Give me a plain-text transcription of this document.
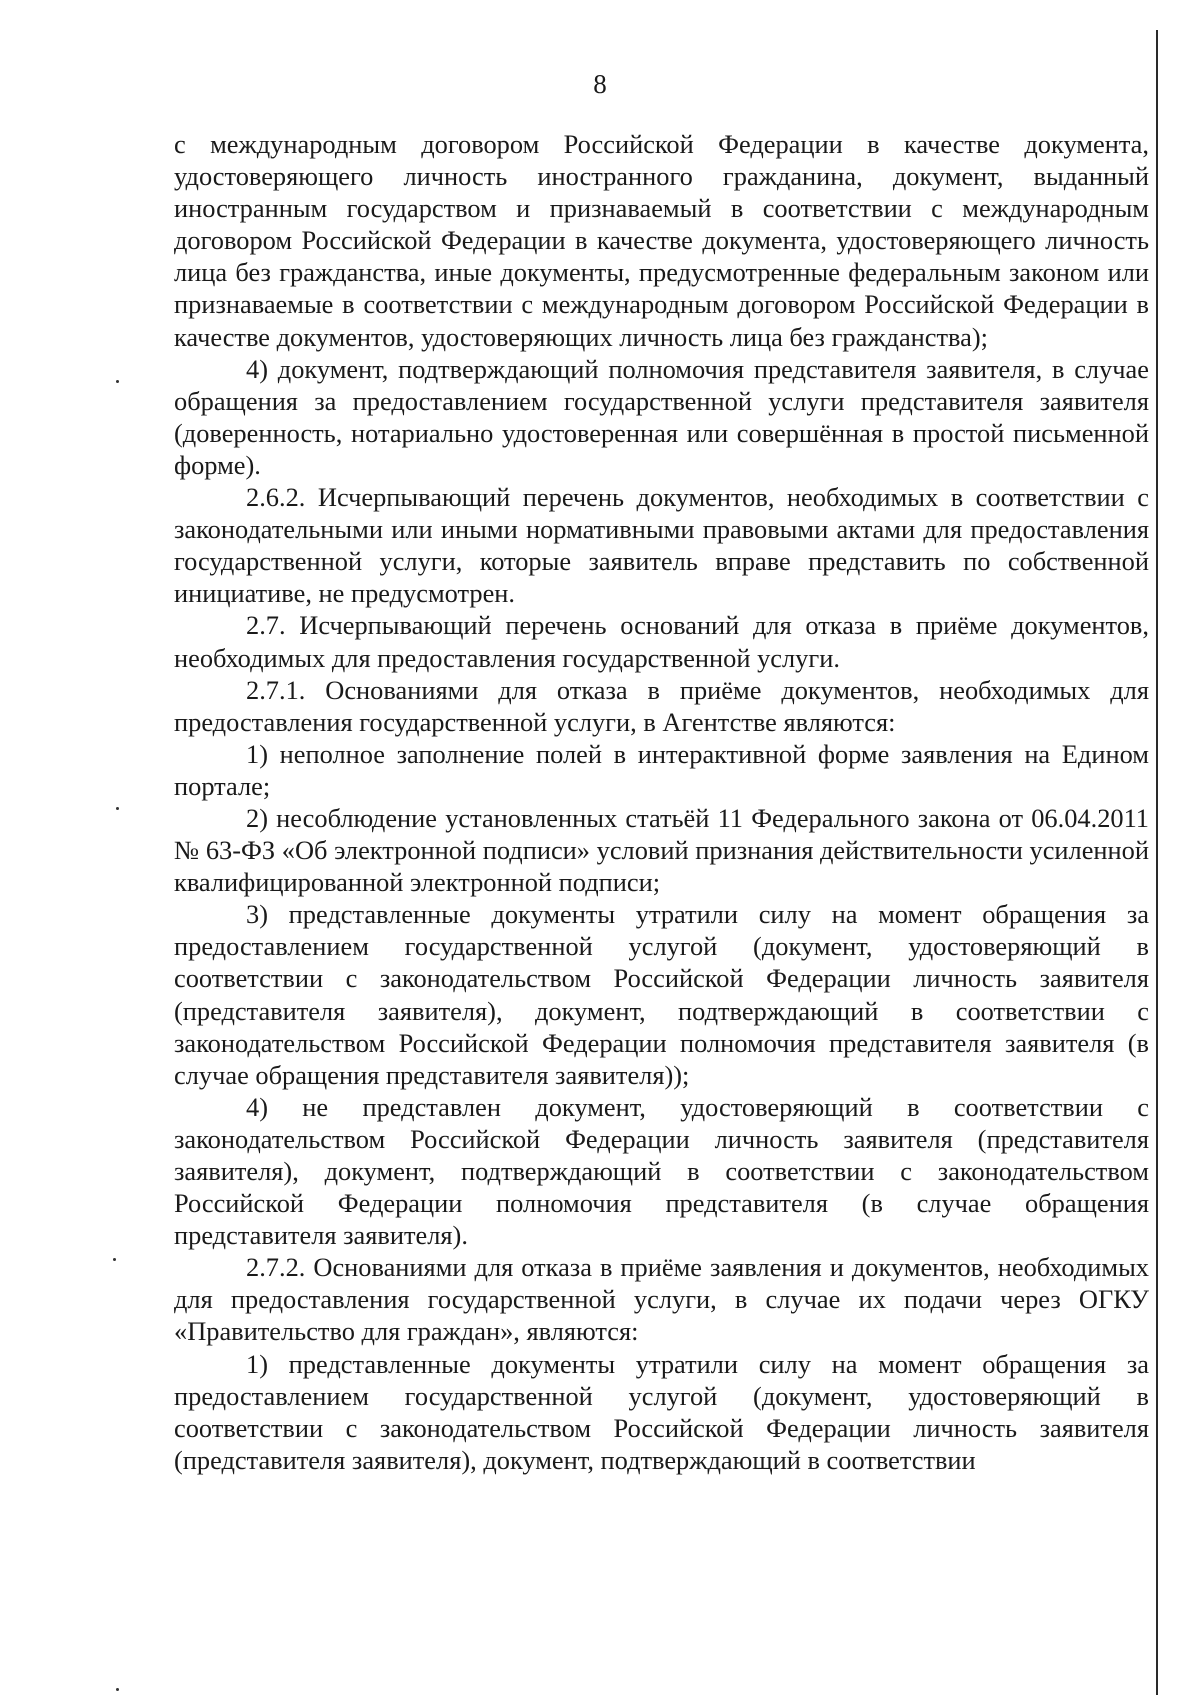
8

с международным договором Российской Федерации в качестве документа, удостоверяющего личность иностранного гражданина, документ, выданный иностранным государством и признаваемый в соответствии с международным договором Российской Федерации в качестве документа, удостоверяющего личность лица без гражданства, иные документы, предусмотренные федеральным законом или признаваемые в соответствии с международным договором Российской Федерации в качестве документов, удостоверяющих личность лица без гражданства);

4) документ, подтверждающий полномочия представителя заявителя, в случае обращения за предоставлением государственной услуги представителя заявителя (доверенность, нотариально удостоверенная или совершённая в простой письменной форме).

2.6.2. Исчерпывающий перечень документов, необходимых в соответствии с законодательными или иными нормативными правовыми актами для предоставления государственной услуги, которые заявитель вправе представить по собственной инициативе, не предусмотрен.

2.7. Исчерпывающий перечень оснований для отказа в приёме документов, необходимых для предоставления государственной услуги.

2.7.1. Основаниями для отказа в приёме документов, необходимых для предоставления государственной услуги, в Агентстве являются:

1) неполное заполнение полей в интерактивной форме заявления на Едином портале;

2) несоблюдение установленных статьёй 11 Федерального закона от 06.04.2011 № 63-ФЗ «Об электронной подписи» условий признания действительности усиленной квалифицированной электронной подписи;

3) представленные документы утратили силу на момент обращения за предоставлением государственной услугой (документ, удостоверяющий в соответствии с законодательством Российской Федерации личность заявителя (представителя заявителя), документ, подтверждающий в соответствии с законодательством Российской Федерации полномочия представителя заявителя (в случае обращения представителя заявителя));

4) не представлен документ, удостоверяющий в соответствии с законодательством Российской Федерации личность заявителя (представителя заявителя), документ, подтверждающий в соответствии с законодательством Российской Федерации полномочия представителя (в случае обращения представителя заявителя).

2.7.2. Основаниями для отказа в приёме заявления и документов, необходимых для предоставления государственной услуги, в случае их подачи через ОГКУ «Правительство для граждан», являются:

1) представленные документы утратили силу на момент обращения за предоставлением государственной услугой (документ, удостоверяющий в соответствии с законодательством Российской Федерации личность заявителя (представителя заявителя), документ, подтверждающий в соответствии
